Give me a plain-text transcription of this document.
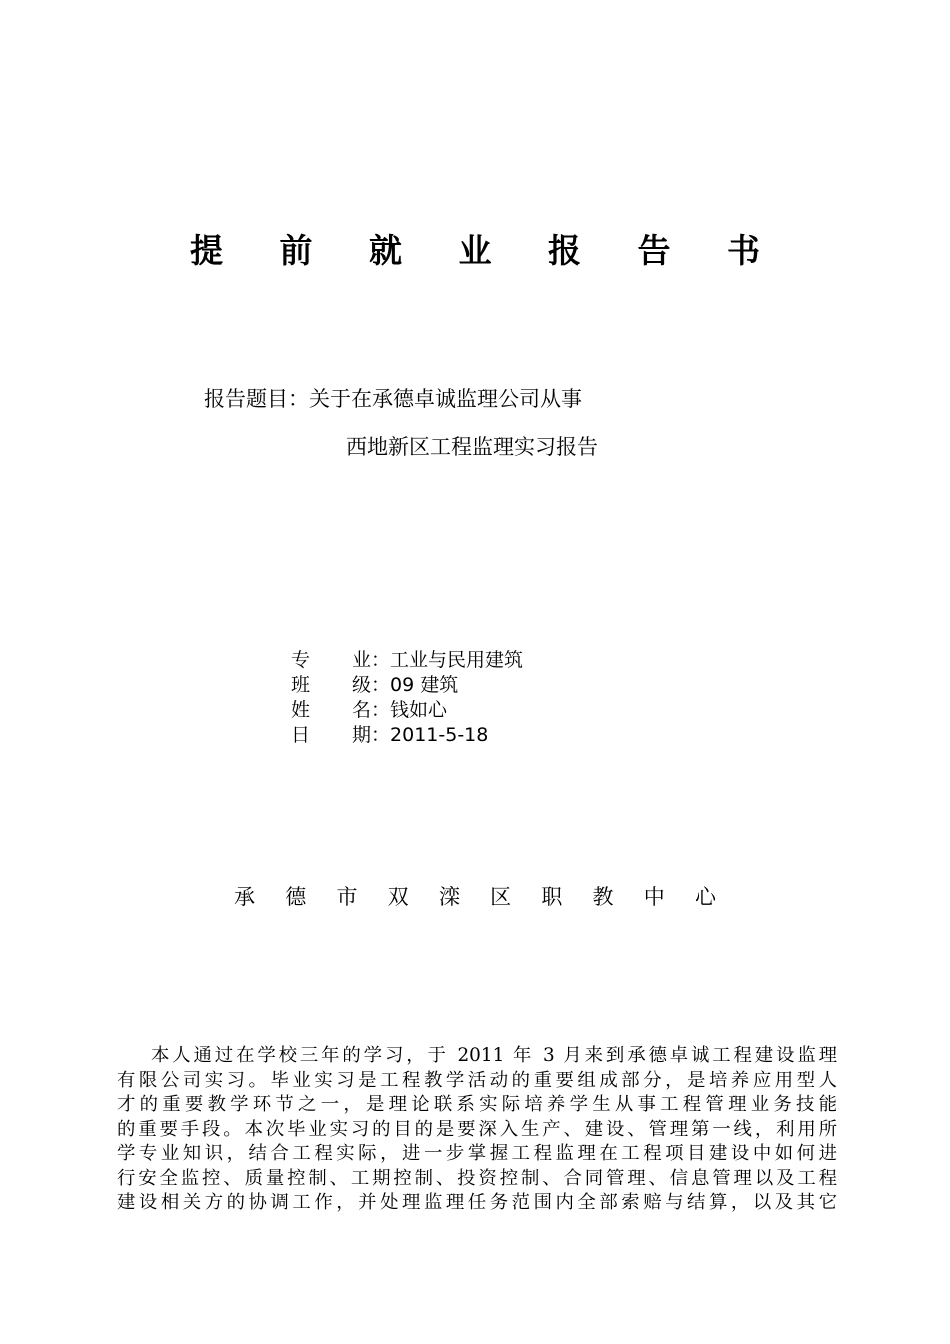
提 前 就 业 报 告 书
报告题目：关于在承德卓诚监理公司从事
西地新区工程监理实习报告
专 业 ： 工业与民用建筑
班 级 ： 09 建筑
姓 名 ： 钱如心
日 期 ： 2011-5-18
承 德 市 双 滦 区 职 教 中 心
本人通过在学校三年的学习，于 2011 年 3 月来到承德卓诚工程建设监理
有限公司实习。毕业实习是工程教学活动的重要组成部分，是培养应用型人
才的重要教学环节之一，是理论联系实际培养学生从事工程管理业务技能
的重要手段。本次毕业实习的目的是要深入生产、建设、管理第一线，利用所
学专业知识，结合工程实际，进一步掌握工程监理在工程项目建设中如何进
行安全监控、质量控制、工期控制、投资控制、合同管理、信息管理以及工程
建设相关方的协调工作，并处理监理任务范围内全部索赔与结算，以及其它
